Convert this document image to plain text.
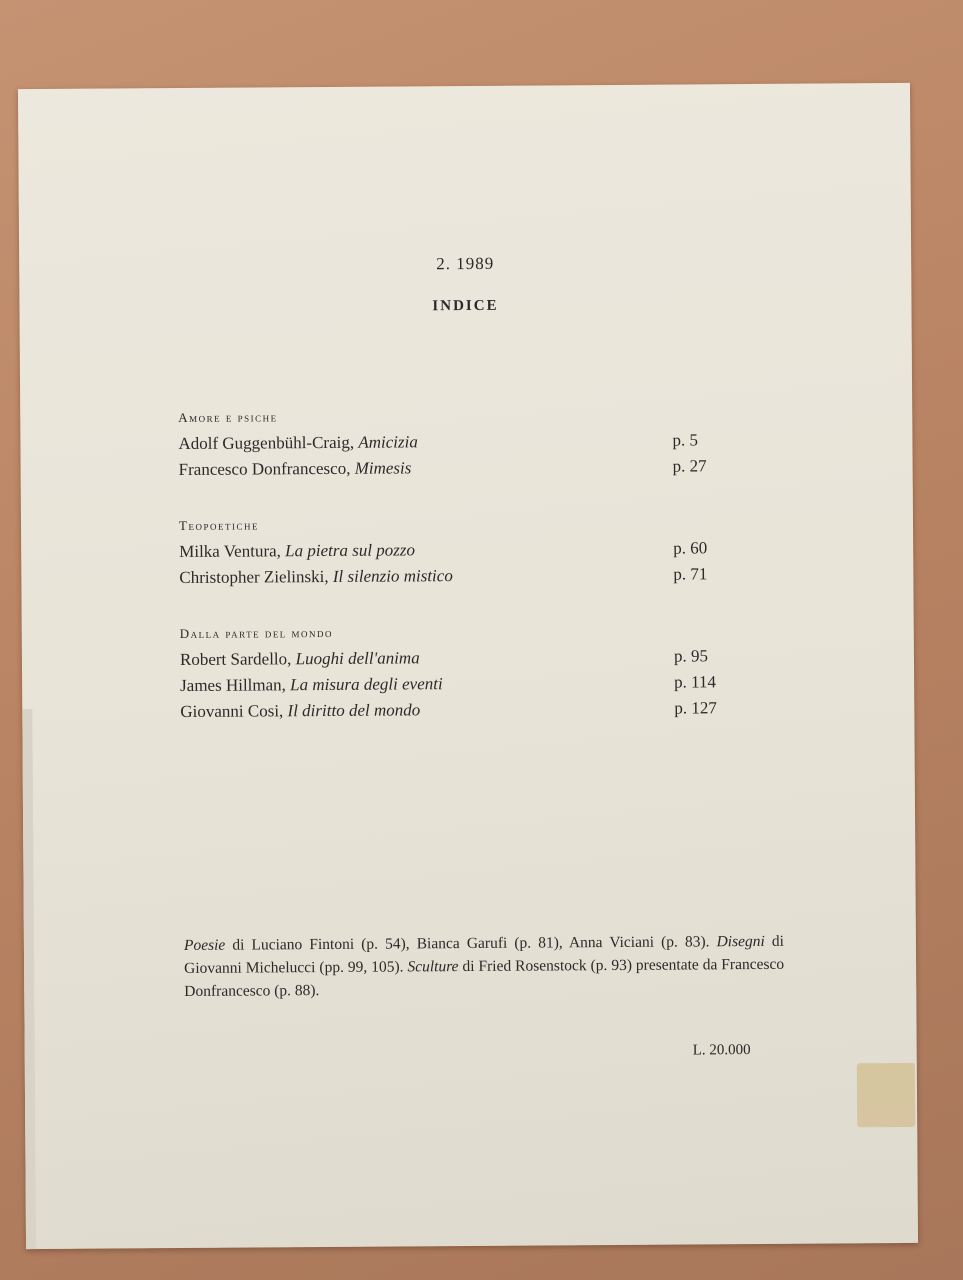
2. 1989
INDICE
Amore e psiche
Adolf Guggenbühl-Craig, Amicizia	p. 5
Francesco Donfrancesco, Mimesis	p. 27
Teopoetiche
Milka Ventura, La pietra sul pozzo	p. 60
Christopher Zielinski, Il silenzio mistico	p. 71
Dalla parte del mondo
Robert Sardello, Luoghi dell'anima	p. 95
James Hillman, La misura degli eventi	p. 114
Giovanni Cosi, Il diritto del mondo	p. 127
Poesie di Luciano Fintoni (p. 54), Bianca Garufi (p. 81), Anna Viciani (p. 83). Disegni di Giovanni Michelucci (pp. 99, 105). Sculture di Fried Rosenstock (p. 93) presentate da Francesco Donfrancesco (p. 88).
L. 20.000
